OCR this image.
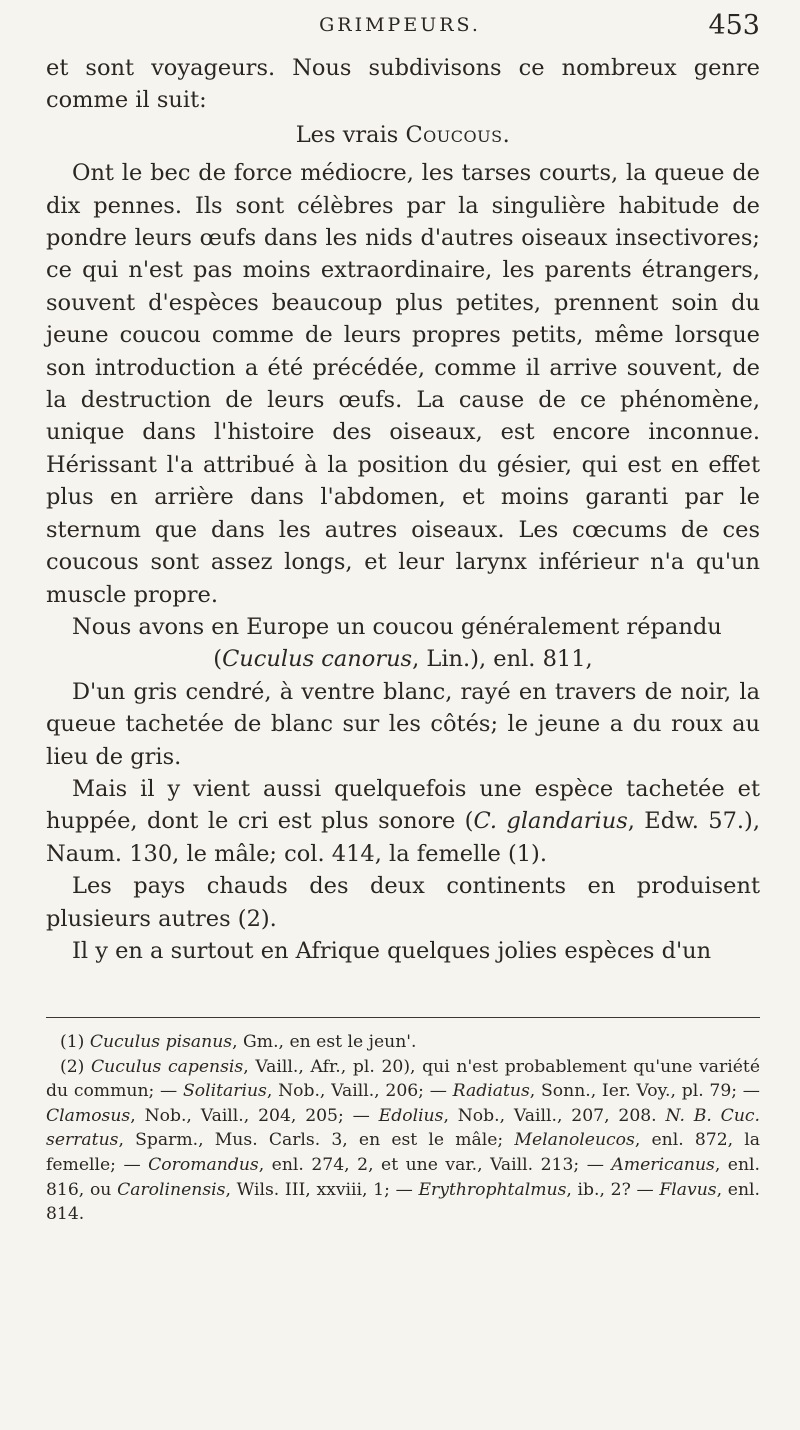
GRIMPEURS.	453

et sont voyageurs. Nous subdivisons ce nombreux genre comme il suit:

Les vrais Coucous.

Ont le bec de force médiocre, les tarses courts, la queue de dix pennes. Ils sont célèbres par la singulière habitude de pondre leurs œufs dans les nids d'autres oiseaux insectivores; ce qui n'est pas moins extraordinaire, les parents étrangers, souvent d'espèces beaucoup plus petites, prennent soin du jeune coucou comme de leurs propres petits, même lorsque son introduction a été précédée, comme il arrive souvent, de la destruction de leurs œufs. La cause de ce phénomène, unique dans l'histoire des oiseaux, est encore inconnue. Hérissant l'a attribué à la position du gésier, qui est en effet plus en arrière dans l'abdomen, et moins garanti par le sternum que dans les autres oiseaux. Les cœcums de ces coucous sont assez longs, et leur larynx inférieur n'a qu'un muscle propre.

Nous avons en Europe un coucou généralement répandu

(Cuculus canorus, Lin.), enl. 811,

D'un gris cendré, à ventre blanc, rayé en travers de noir, la queue tachetée de blanc sur les côtés; le jeune a du roux au lieu de gris.

Mais il y vient aussi quelquefois une espèce tachetée et huppée, dont le cri est plus sonore (C. glandarius, Edw. 57.), Naum. 130, le mâle; col. 414, la femelle (1).

Les pays chauds des deux continents en produisent plusieurs autres (2).

Il y en a surtout en Afrique quelques jolies espèces d'un

(1) Cuculus pisanus, Gm., en est le jeun'.

(2) Cuculus capensis, Vaill., Afr., pl. 20), qui n'est probablement qu'une variété du commun; — Solitarius, Nob., Vaill., 206; — Radiatus, Sonn., Ier. Voy., pl. 79; — Clamosus, Nob., Vaill., 204, 205; — Edolius, Nob., Vaill., 207, 208. N. B. Cuc. serratus, Sparm., Mus. Carls. 3, en est le mâle; Melanoleucos, enl. 872, la femelle; — Coromandus, enl. 274, 2, et une var., Vaill. 213; — Americanus, enl. 816, ou Carolinensis, Wils. III, xxviii, 1; — Erythrophtalmus, ib., 2? — Flavus, enl. 814.
